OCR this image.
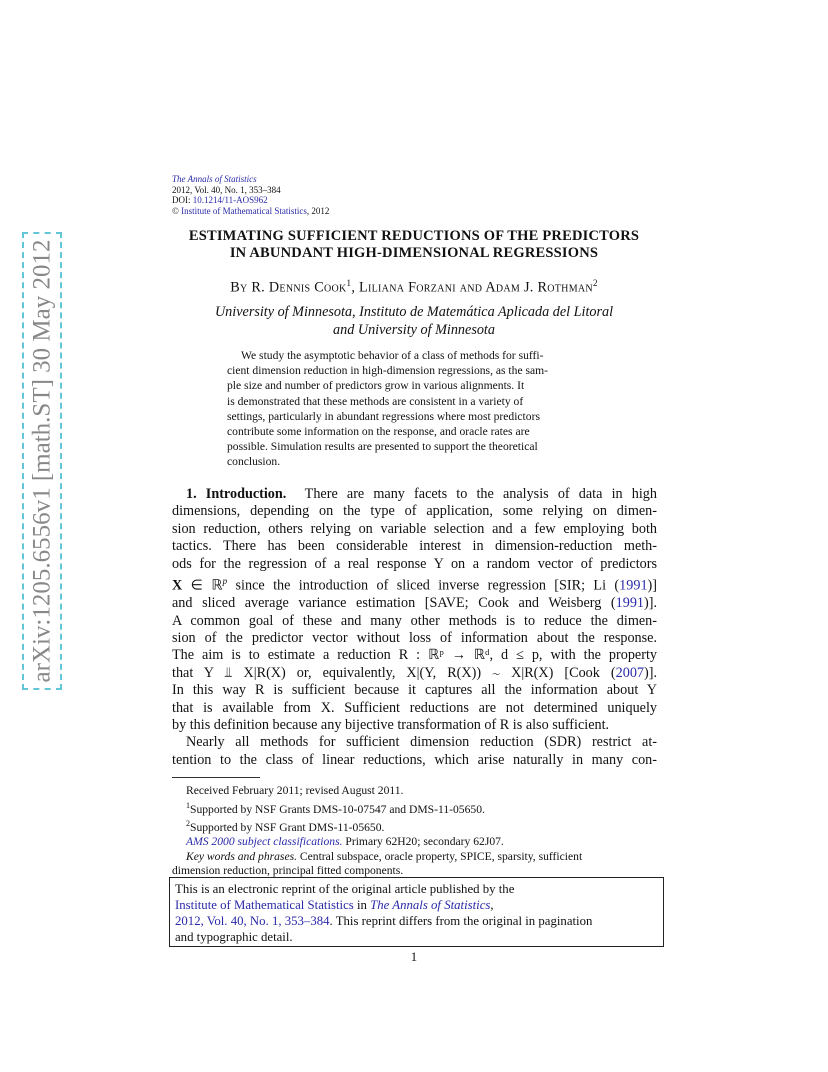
arXiv:1205.6556v1 [math.ST] 30 May 2012
The Annals of Statistics
2012, Vol. 40, No. 1, 353–384
DOI: 10.1214/11-AOS962
© Institute of Mathematical Statistics, 2012
ESTIMATING SUFFICIENT REDUCTIONS OF THE PREDICTORS
IN ABUNDANT HIGH-DIMENSIONAL REGRESSIONS
By R. Dennis Cook$^1$, Liliana Forzani and Adam J. Rothman$^2$
University of Minnesota, Instituto de Matemática Aplicada del Litoral
and University of Minnesota
We study the asymptotic behavior of a class of methods for suffi-
cient dimension reduction in high-dimension regressions, as the sam-
ple size and number of predictors grow in various alignments. It
is demonstrated that these methods are consistent in a variety of
settings, particularly in abundant regressions where most predictors
contribute some information on the response, and oracle rates are
possible. Simulation results are presented to support the theoretical
conclusion.
1. Introduction. There are many facets to the analysis of data in high
dimensions, depending on the type of application, some relying on dimen-
sion reduction, others relying on variable selection and a few employing both
tactics. There has been considerable interest in dimension-reduction meth-
ods for the regression of a real response Y on a random vector of predictors
X ∈ ℝ$^p$ since the introduction of sliced inverse regression [SIR; Li (1991)]
and sliced average variance estimation [SAVE; Cook and Weisberg (1991)].
A common goal of these and many other methods is to reduce the dimen-
sion of the predictor vector without loss of information about the response.
The aim is to estimate a reduction R : ℝᵖ → ℝᵈ, d ≤ p, with the property
that Y ⫫ X|R(X) or, equivalently, X|(Y, R(X)) ∼ X|R(X) [Cook (2007)].
In this way R is sufficient because it captures all the information about Y
that is available from X. Sufficient reductions are not determined uniquely
by this definition because any bijective transformation of R is also sufficient.
Nearly all methods for sufficient dimension reduction (SDR) restrict at-
tention to the class of linear reductions, which arise naturally in many con-
Received February 2011; revised August 2011.
$^1$Supported by NSF Grants DMS-10-07547 and DMS-11-05650.
$^2$Supported by NSF Grant DMS-11-05650.
AMS 2000 subject classifications. Primary 62H20; secondary 62J07.
Key words and phrases. Central subspace, oracle property, SPICE, sparsity, sufficient
dimension reduction, principal fitted components.
This is an electronic reprint of the original article published by the
Institute of Mathematical Statistics in The Annals of Statistics,
2012, Vol. 40, No. 1, 353–384. This reprint differs from the original in pagination
and typographic detail.
1
